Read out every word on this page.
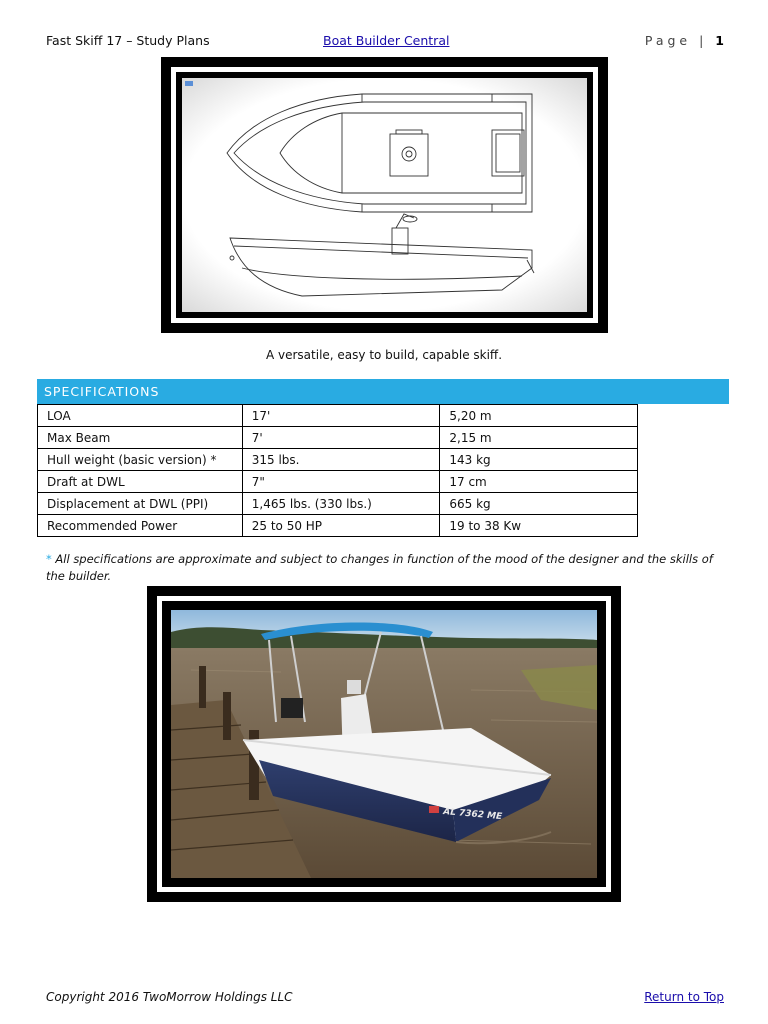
Fast Skiff 17 – Study Plans	Boat Builder Central	Page | 1
A versatile, easy to build, capable skiff.
SPECIFICATIONS
LOA	17'	5,20 m
Max Beam	7'	2,15 m
Hull weight (basic version) *	315 lbs.	143 kg
Draft at DWL	7"	17 cm
Displacement at DWL (PPI)	1,465 lbs. (330 lbs.)	665 kg
Recommended Power	25 to 50 HP	19 to 38 Kw
* All specifications are approximate and subject to changes in function of the mood of the designer and the skills of the builder.
AL 7362 ME
Copyright 2016 TwoMorrow Holdings LLC	Return to Top
